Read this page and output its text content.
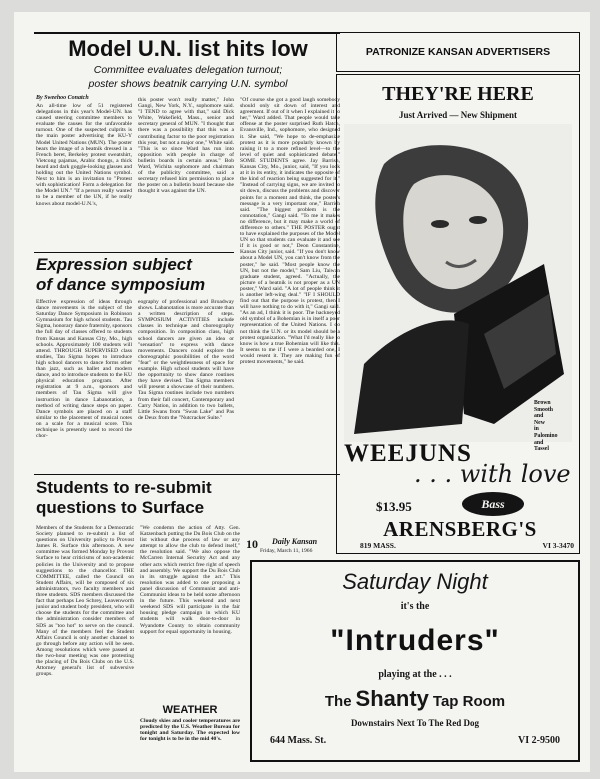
Model U.N. list hits low
Committee evaluates delegation turnout;
poster shows beatnik carrying U.N. symbol
By Sweehoo Conatch
An all-time low of 51 registered delegations in this year's Model-UN. has caused steering committee members to evaluate the causes for the unfavorable turnout. One of the suspected culprits is the main poster advertising the KU-Y Model United Nations (MUN). The poster bears the image of a beatnik dressed in a French beret, Berkeley protest sweatshirt, Vietcong pajamas, Arabic thongs, a thick beard and dark goggle-looking glasses and holding out the United Nations symbol. Next to him is an invitation to "Protest with sophistication! Form a delegation for the Model UN." "If a person really wanted to be a member of the UN, if he really knows about model-U.N.'s,
this poster won't really matter," John Gangi, New York, N.Y., sophomore said. "I TEND to agree with that," said Dick White, Wakefield, Mass., senior and secretary general of MUN. "I thought that there was a possibility that this was a contributing factor to the poor registration this year, but not a major one," White said. "This is so since Ward has run into opposition with people in charge of bulletin boards in certain areas." Bob Ward, Wichita sophomore and chairman of the publicity committee, said a secretary refused him permission to place the poster on a bulletin board because she thought it was against the UN.
"Of course she got a good laugh somebody should only sit down of interest and agreement. If out of it when I explained it to her," Ward added. That people would take offense at the poster surprised Ruth Hatch, Evansville, Ind., sophomore, who designed it. She said, "We hope to de-emphasize protest as it is more popularly known by raising it to a more refined level—to the level of quiet and sophisticated debate." SOME STUDENTS agree. Jay Barrish, Kansas City, Mo., junior, said, "If you look at it in its entity, it indicates the opposite of the kind of reaction being suggested for it." "Instead of carrying signs, we are invited to sit down, discuss the problems and discover points for a moment and think, the poster's message is a very important one," Barrish said. "The biggest problem is the connotation," Gangi said. "To me it makes no difference, but it may make a world of difference to others." THE POSTER ought to have explained the purposes of the Model UN so that students can evaluate it and see if it is good or not," Deon Constantine, Kansas City junior, said. "If you don't know about a Model UN, you can't know from the poster," he said. "Most people know the UN, but not the model," Sam Liu, Taiwan graduate student, agreed. "Actually, the picture of a beatnik is not proper as a UN poster," Ward said. "A lot of people think it is another left-wing deal." "IF I SHOULD find out that the purpose is protest, then I will have nothing to do with it," Gangi said. "As an ad, I think it is poor. The hackneyed old symbol of a Bohemian is in itself a poor representation of the United Nations. I do not think the U.N. or its model should be a protest organization. "What I'd really like to know is how a true Bohemian will like this. It seems to me if I were a bearded one, I would resent it. They are making fun of protest movements," he said.
Expression subject
of dance symposium
Effective expression of ideas through dance movements is the subject of the Saturday Dance Symposium in Robinson Gymnasium for high school students. Tau Sigma, honorary dance fraternity, sponsors the full day of classes offered to students from Kansas and Kansas City, Mo., high schools. Approximately 100 students will attend. THROUGH SUPERVISED class studies, Tau Sigma hopes to introduce high school dancers to dance forms other than jazz, such as ballet and modern dance, and to introduce students to the KU physical education program. After registration at 9 a.m., sponsors and members of Tau Sigma will give instruction in dance Labanotation, a method of writing dance steps on paper. Dance symbols are placed on a staff similar to the placement of musical notes on a scale for a musical score. This technique is presently used to record the chor-
eography of professional and Broadway shows. Labanotation is more accurate than a written description of steps. SYMPOSIUM ACTIVITIES include classes in technique and choreography composition. In composition class, high school dancers are given an idea or "sensation" to express with dance movements. Dancers could explore the choreographic possibilities of the word "fear" or the weightlessness of space for example. High school students will have the opportunity to show dance routines they have devised. Tau Sigma members will present a showcase of their numbers. Tau Sigma routines include two numbers from their fall concert, Contemporary and Carry Nation, in addition to two ballets, Little Swans from "Swan Lake" and Pas de Deux from the "Nutcracker Suite."
Students to re-submit
questions to Surface
Members of the Students for a Democratic Society planned to re-submit a list of questions on University policy to Provost James R. Surface this afternoon. A new committee was formed Monday by Provost Surface to hear criticisms of non-academic policies in the University and to propose suggestions to the chancellor. THE COMMITTEE, called the Council on Student Affairs, will be composed of six administrators, two faculty members and three students. SDS members discussed the fact that perhaps Leo Schrey, Leavenworth junior and student body president, who will choose the students for the committee and the administration consider members of SDS as "too hot" to serve on the council. Many of the members feel the Student Affairs Council is only another channel to go through before any action will be seen. Among resolutions which were passed at the two-hour meeting was one protesting the placing of Du Bois Clubs on the U.S. Attorney general's list of subversive groups.
"We condemn the action of Atty. Gen. Katzenbach putting the Du Bois Club on the list without due process of law or any attempt to allow the club to defend itself," the resolution said. "We also oppose the McCarren Internal Security Act and any other acts which restrict free right of speech and assembly. We support the Du Bois Club in its struggle against the act." This resolution was added to one proposing a panel discussion of Communist and anti-Communist ideas to be held some afternoon in the future. This weekend and next weekend SDS will participate in the fair housing pledge campaign in which KU students will walk door-to-door in Wyandotte County to obtain community support for equal opportunity in housing.
WEATHER
Cloudy skies and cooler temperatures are predicted by the U.S. Weather Bureau for tonight and Saturday. The expected low for tonight is to be in the mid 40's.
10 Daily Kansan
Friday, March 11, 1966
PATRONIZE KANSAN ADVERTISERS
THEY'RE HERE
Just Arrived — New Shipment
Brown
Smooth
and
New
in
Palomino
and
Tassel
WEEJUNS
. . . with love
$13.95	Bass
ARENSBERG'S
819 MASS.	VI 3-3470
Saturday Night
it's the
"Intruders"
playing at the . . .
The Shanty Tap Room
Downstairs Next To The Red Dog
644 Mass. St.	VI 2-9500
